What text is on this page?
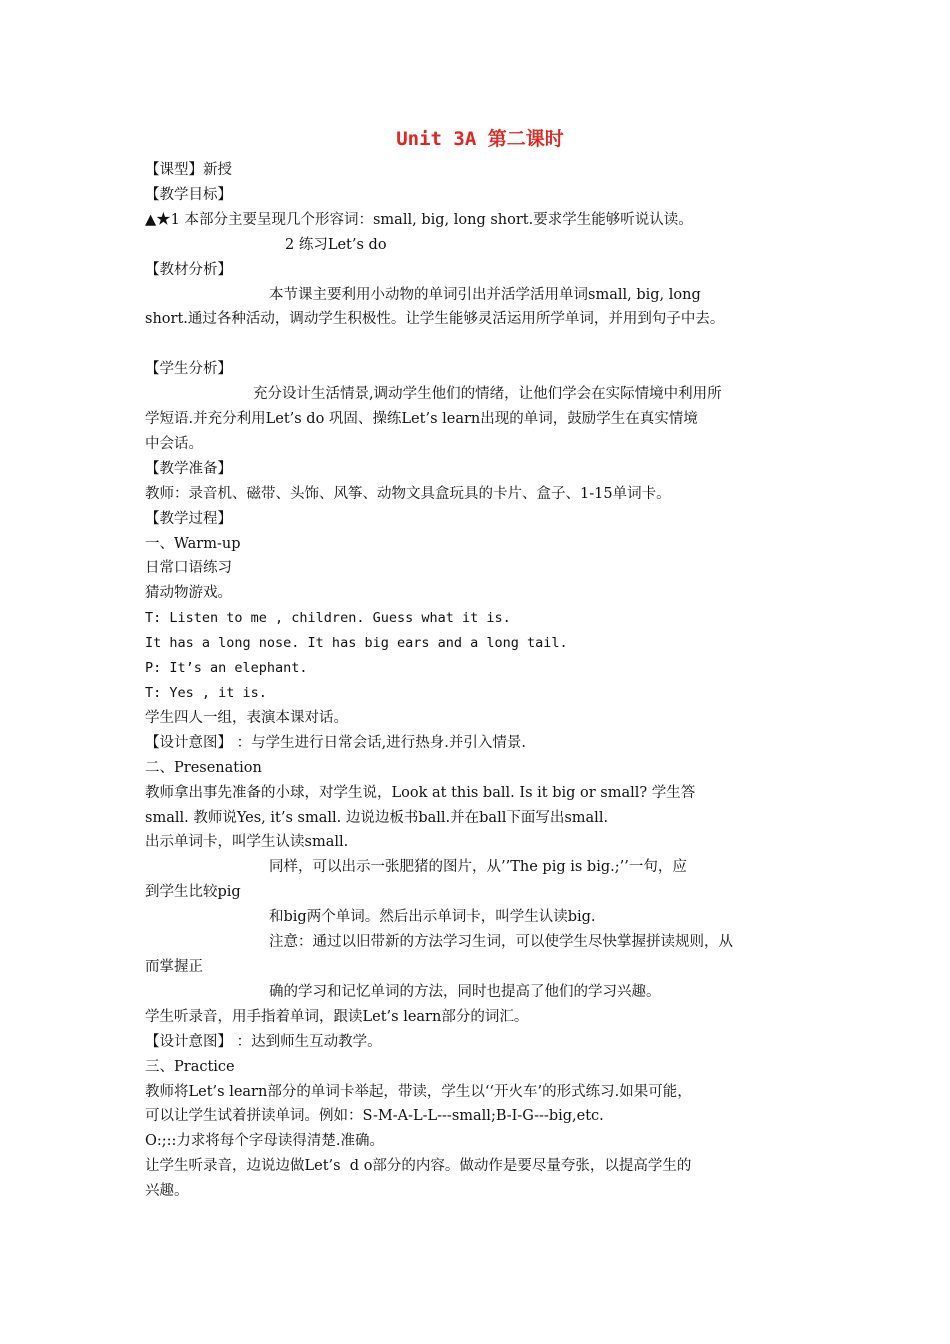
Unit 3A 第二课时
【课型】新授
【教学目标】
▲★1 本部分主要呈现几个形容词：small, big, long short.要求学生能够听说认读。
2 练习Let’s do
【教材分析】
本节课主要利用小动物的单词引出并活学活用单词small, big, long
short.通过各种活动，调动学生积极性。让学生能够灵活运用所学单词，并用到句子中去。
【学生分析】
充分设计生活情景,调动学生他们的情绪，让他们学会在实际情境中利用所
学短语.并充分利用Let’s do 巩固、操练Let’s learn出现的单词，鼓励学生在真实情境
中会话。
【教学准备】
教师：录音机、磁带、头饰、风筝、动物文具盒玩具的卡片、盒子、1-15单词卡。
【教学过程】
一、Warm-up
日常口语练习
猜动物游戏。
T: Listen to me , children. Guess what it is.
It has a long nose. It has big ears and a long tail.
P: It’s an elephant.
T: Yes , it is.
学生四人一组，表演本课对话。
【设计意图】 ：与学生进行日常会话,进行热身.并引入情景.
二、Presenation
教师拿出事先准备的小球，对学生说，Look at this ball. Is it big or small? 学生答
small. 教师说Yes, it’s small. 边说边板书ball.并在ball下面写出small.
出示单词卡，叫学生认读small.
同样，可以出示一张肥猪的图片，从’’The pig is big.;’’一句，应
到学生比较pig
和big两个单词。然后出示单词卡，叫学生认读big.
注意：通过以旧带新的方法学习生词，可以使学生尽快掌握拼读规则，从
而掌握正
确的学习和记忆单词的方法，同时也提高了他们的学习兴趣。
学生听录音，用手指着单词，跟读Let’s learn部分的词汇。
【设计意图】 ：达到师生互动教学。
三、Practice
教师将Let’s learn部分的单词卡举起，带读，学生以‘‘开火车’的形式练习.如果可能，
可以让学生试着拼读单词。例如：S-M-A-L-L---small;B-I-G---big,etc.
O:;::力求将每个字母读得清楚.准确。
让学生听录音，边说边做Let’s  d o部分的内容。做动作是要尽量夸张，以提高学生的
兴趣。
